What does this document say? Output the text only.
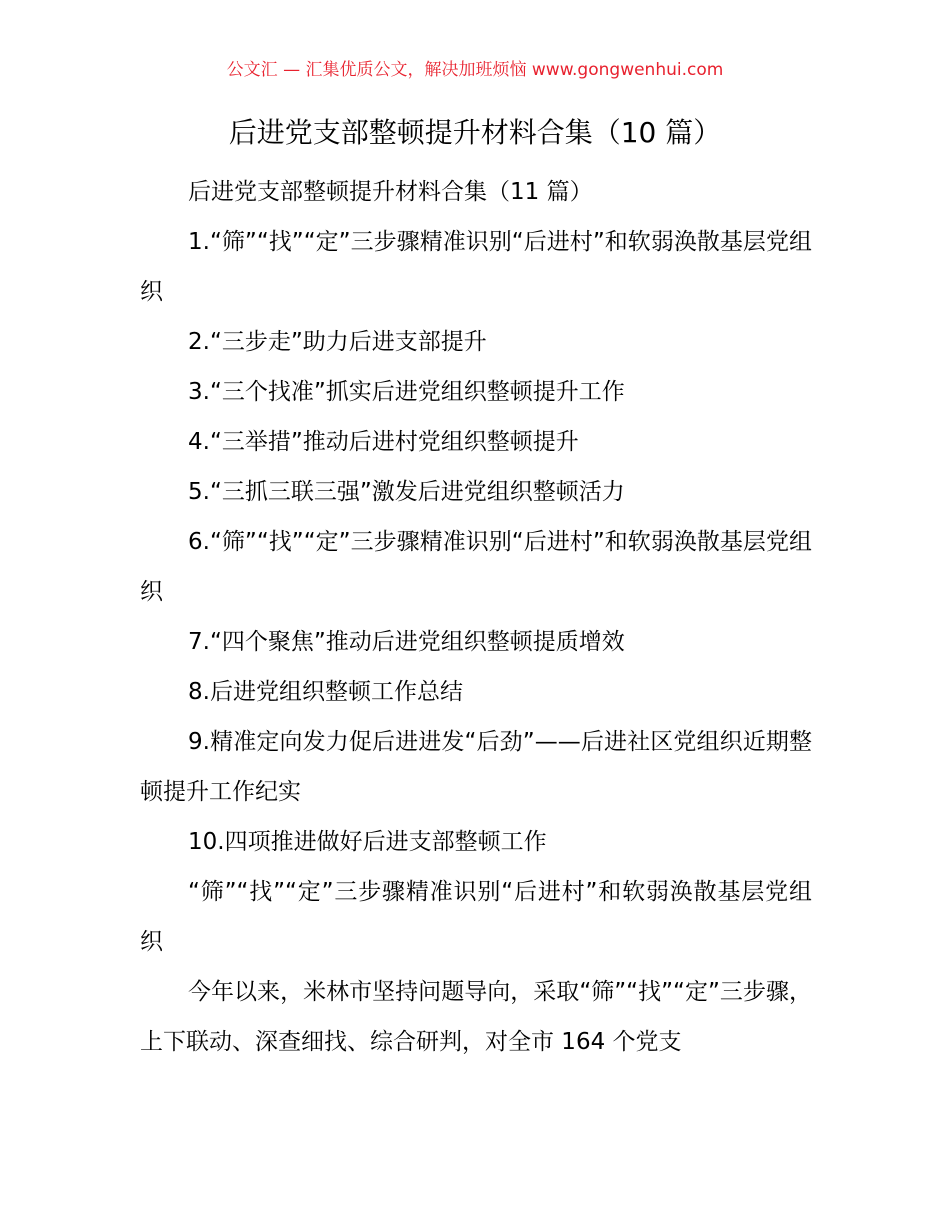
公文汇 — 汇集优质公文，解决加班烦恼 www.gongwenhui.com
后进党支部整顿提升材料合集（10 篇）

后进党支部整顿提升材料合集（11 篇）

1.“筛”“找”“定”三步骤精准识别“后进村”和软弱涣散基层党组织

2.“三步走”助力后进支部提升

3.“三个找准”抓实后进党组织整顿提升工作

4.“三举措”推动后进村党组织整顿提升

5.“三抓三联三强”激发后进党组织整顿活力

6.“筛”“找”“定”三步骤精准识别“后进村”和软弱涣散基层党组织

7.“四个聚焦”推动后进党组织整顿提质增效

8.后进党组织整顿工作总结

9.精准定向发力促后进进发“后劲”——后进社区党组织近期整顿提升工作纪实

10.四项推进做好后进支部整顿工作

“筛”“找”“定”三步骤精准识别“后进村”和软弱涣散基层党组织

今年以来，米林市坚持问题导向，采取“筛”“找”“定”三步骤，上下联动、深查细找、综合研判，对全市 164 个党支
